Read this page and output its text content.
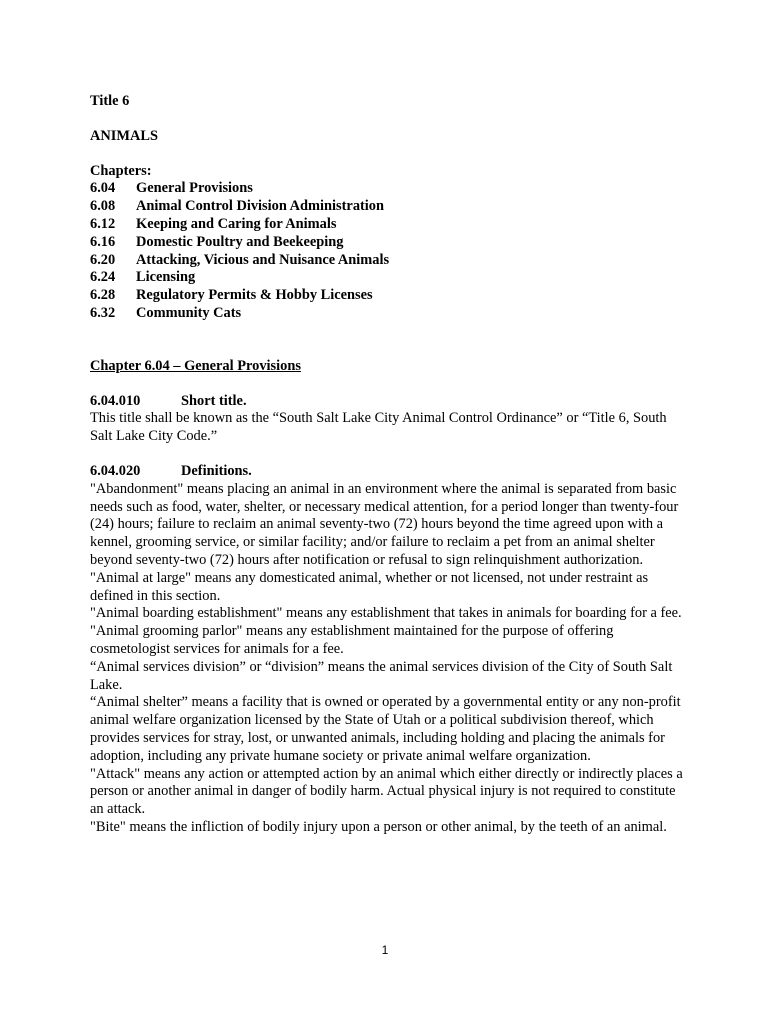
Title 6

ANIMALS

Chapters:

6.04	General Provisions
6.08	Animal Control Division Administration
6.12	Keeping and Caring for Animals
6.16	Domestic Poultry and Beekeeping
6.20	Attacking, Vicious and Nuisance Animals
6.24	Licensing
6.28	Regulatory Permits & Hobby Licenses
6.32	Community Cats

Chapter 6.04 – General Provisions

6.04.010	Short title.

This title shall be known as the “South Salt Lake City Animal Control Ordinance” or “Title 6, South Salt Lake City Code.”

6.04.020	Definitions.

"Abandonment" means placing an animal in an environment where the animal is separated from basic needs such as food, water, shelter, or necessary medical attention, for a period longer than twenty-four (24) hours; failure to reclaim an animal seventy-two (72) hours beyond the time agreed upon with a kennel, grooming service, or similar facility; and/or failure to reclaim a pet from an animal shelter beyond seventy-two (72) hours after notification or refusal to sign relinquishment authorization.

"Animal at large" means any domesticated animal, whether or not licensed, not under restraint as defined in this section.

"Animal boarding establishment" means any establishment that takes in animals for boarding for a fee.

"Animal grooming parlor" means any establishment maintained for the purpose of offering cosmetologist services for animals for a fee.

“Animal services division” or “division” means the animal services division of the City of South Salt Lake.

“Animal shelter” means a facility that is owned or operated by a governmental entity or any non-profit animal welfare organization licensed by the State of Utah or a political subdivision thereof, which provides services for stray, lost, or unwanted animals, including holding and placing the animals for adoption, including any private humane society or private animal welfare organization.

"Attack" means any action or attempted action by an animal which either directly or indirectly places a person or another animal in danger of bodily harm. Actual physical injury is not required to constitute an attack.

"Bite" means the infliction of bodily injury upon a person or other animal, by the teeth of an animal.

1
